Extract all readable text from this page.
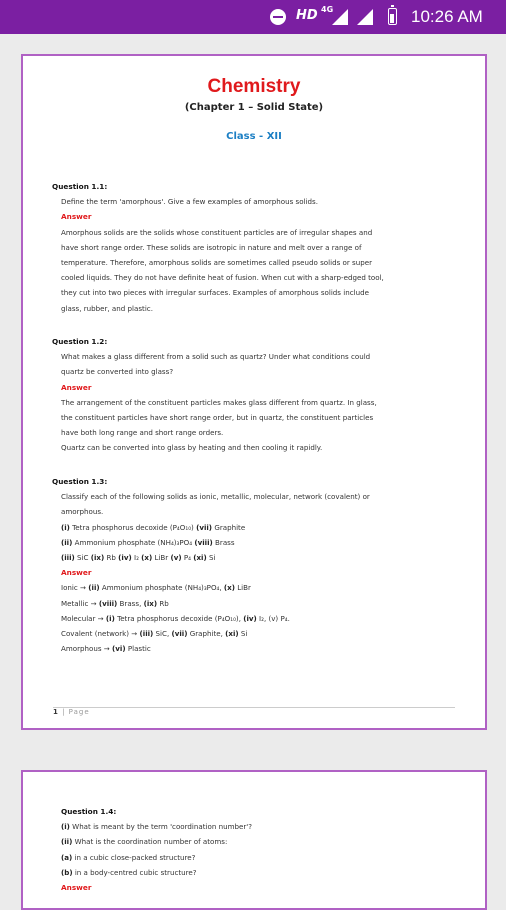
HD 4G	10:26 AM
Chemistry
(Chapter 1 – Solid State)
Class - XII
Question 1.1:
Define the term 'amorphous'. Give a few examples of amorphous solids.
Answer
Amorphous solids are the solids whose constituent particles are of irregular shapes and
have short range order. These solids are isotropic in nature and melt over a range of
temperature. Therefore, amorphous solids are sometimes called pseudo solids or super
cooled liquids. They do not have definite heat of fusion. When cut with a sharp-edged tool,
they cut into two pieces with irregular surfaces. Examples of amorphous solids include
glass, rubber, and plastic.
Question 1.2:
What makes a glass different from a solid such as quartz? Under what conditions could
quartz be converted into glass?
Answer
The arrangement of the constituent particles makes glass different from quartz. In glass,
the constituent particles have short range order, but in quartz, the constituent particles
have both long range and short range orders.
Quartz can be converted into glass by heating and then cooling it rapidly.
Question 1.3:
Classify each of the following solids as ionic, metallic, molecular, network (covalent) or
amorphous.
(i) Tetra phosphorus decoxide (P₄O₁₀) (vii) Graphite
(ii) Ammonium phosphate (NH₄)₃PO₄ (viii) Brass
(iii) SiC (ix) Rb (iv) I₂ (x) LiBr (v) P₄ (xi) Si
Answer
Ionic → (ii) Ammonium phosphate (NH₄)₃PO₄, (x) LiBr
Metallic → (viii) Brass, (ix) Rb
Molecular → (i) Tetra phosphorus decoxide (P₄O₁₀), (iv) I₂, (v) P₄.
Covalent (network) → (iii) SiC, (vii) Graphite, (xi) Si
Amorphous → (vi) Plastic
1 | Page
Question 1.4:
(i) What is meant by the term 'coordination number'?
(ii) What is the coordination number of atoms:
(a) in a cubic close-packed structure?
(b) in a body-centred cubic structure?
Answer
